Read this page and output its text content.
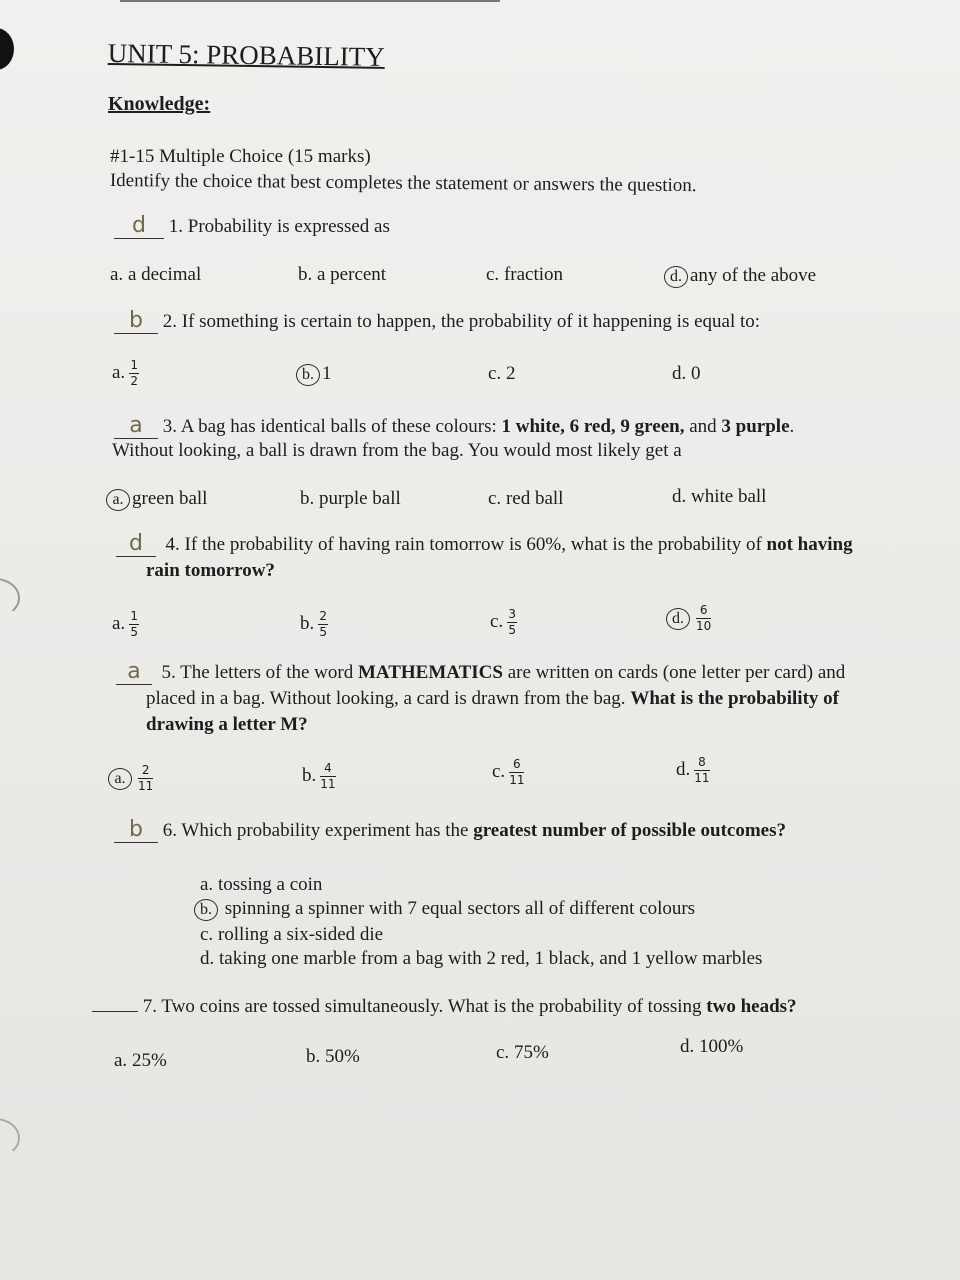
UNIT 5: PROBABILITY
Knowledge:
#1-15 Multiple Choice (15 marks)
Identify the choice that best completes the statement or answers the question.
d 1. Probability is expressed as
a. a decimal	b. a percent	c. fraction	d . any of the above
b 2. If something is certain to happen, the probability of it happening is equal to:
a. $\frac{1}{2}$	b . 1	c. 2	d. 0
a 3. A bag has identical balls of these colours: 1 white, 6 red, 9 green, and 3 purple.
Without looking, a ball is drawn from the bag. You would most likely get a
a . green ball	b. purple ball	c. red ball	d. white ball
d 4. If the probability of having rain tomorrow is 60%, what is the probability of not having
rain tomorrow?
a. $\frac{1}{5}$	b. $\frac{2}{5}$	c. $\frac{3}{5}$	d . $\frac{6}{10}$
a 5. The letters of the word MATHEMATICS are written on cards (one letter per card) and
placed in a bag. Without looking, a card is drawn from the bag. What is the probability of
drawing a letter M?
a . $\frac{2}{11}$	b. $\frac{4}{11}$	c. $\frac{6}{11}$	d. $\frac{8}{11}$
b 6. Which probability experiment has the greatest number of possible outcomes?
a. tossing a coin
b . spinning a spinner with 7 equal sectors all of different colours
c. rolling a six-sided die
d. taking one marble from a bag with 2 red, 1 black, and 1 yellow marbles
7. Two coins are tossed simultaneously. What is the probability of tossing two heads?
a. 25%	b. 50%	c. 75%	d. 100%
